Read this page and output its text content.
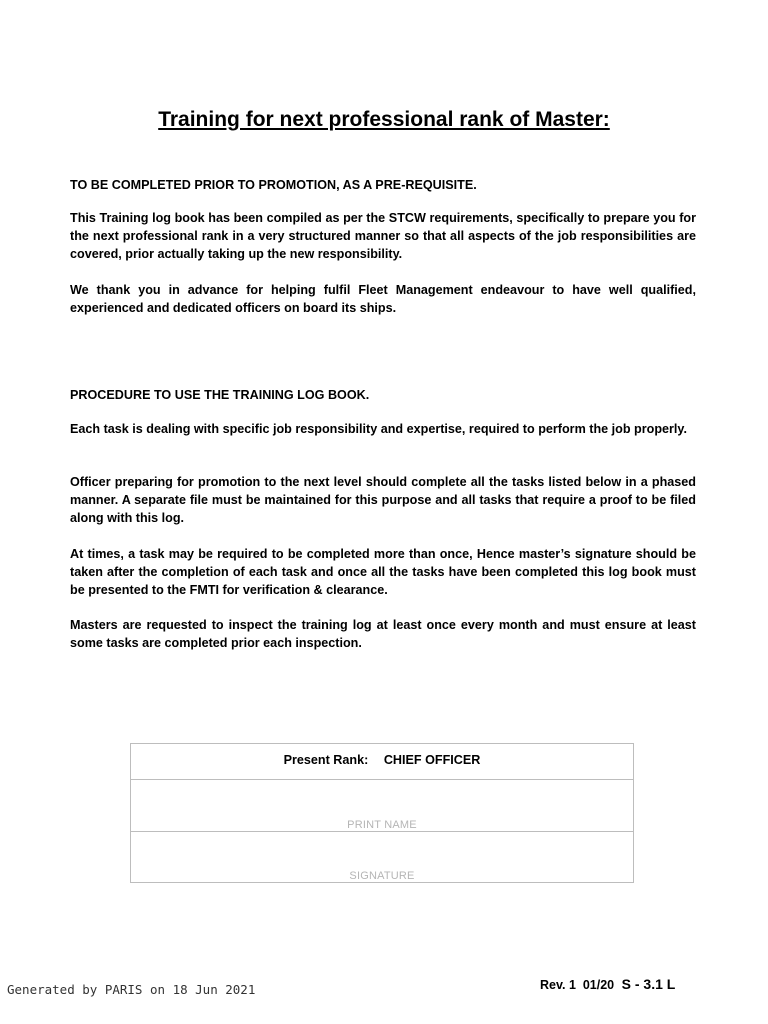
Training for next professional rank of Master:

TO BE COMPLETED PRIOR TO PROMOTION, AS A PRE-REQUISITE.

This Training log book has been compiled as per the STCW requirements, specifically to prepare you for the next professional rank in a very structured manner so that all aspects of the job responsibilities are covered, prior actually taking up the new responsibility.

We thank you in advance for helping fulfil Fleet Management endeavour to have well qualified, experienced and dedicated officers on board its ships.

PROCEDURE TO USE THE TRAINING LOG BOOK.

Each task is dealing with specific job responsibility and expertise, required to perform the job properly.

Officer preparing for promotion to the next level should complete all the tasks listed below in a phased manner. A separate file must be maintained for this purpose and all tasks that require a proof to be filed along with this log.

At times, a task may be required to be completed more than once, Hence master’s signature should be taken after the completion of each task and once all the tasks have been completed this log book must be presented to the FMTI for verification & clearance.

Masters are requested to inspect the training log at least once every month and must ensure at least some tasks are completed prior each inspection.

Present Rank: CHIEF OFFICER
PRINT NAME
SIGNATURE
Generated by PARIS on 18 Jun 2021	Rev. 1  01/20 S - 3.1 L
